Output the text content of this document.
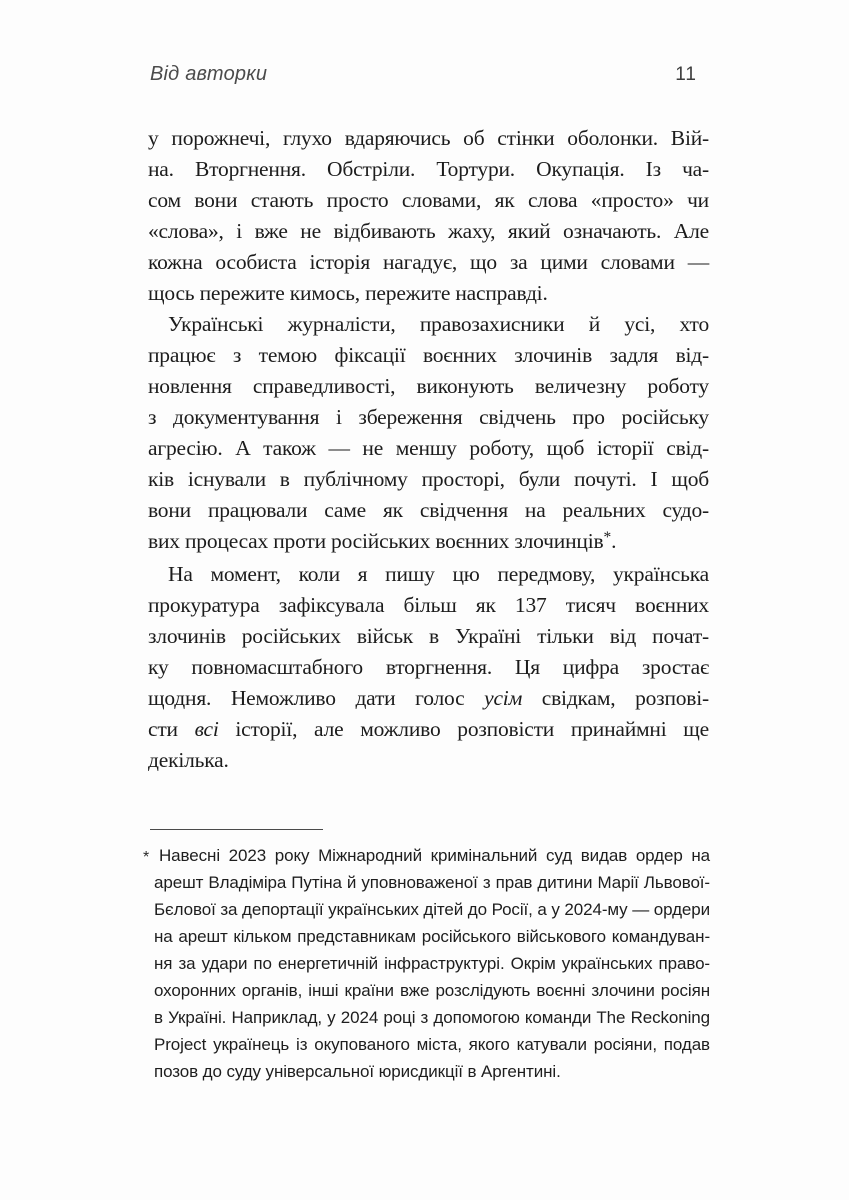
Від авторки	11
у порожнечі, глухо вдаряючись об стінки оболонки. Вій-
на. Вторгнення. Обстріли. Тортури. Окупація. Із ча-
сом вони стають просто словами, як слова «просто» чи
«слова», і вже не відбивають жаху, який означають. Але
кожна особиста історія нагадує, що за цими словами —
щось пережите кимось, пережите насправді.
Українські журналісти, правозахисники й усі, хто
працює з темою фіксації воєнних злочинів задля від-
новлення справедливості, виконують величезну роботу
з документування і збереження свідчень про російську
агресію. А також — не меншу роботу, щоб історії свід-
ків існували в публічному просторі, були почуті. І щоб
вони працювали саме як свідчення на реальних судо-
вих процесах проти російських воєнних злочинців*.
На момент, коли я пишу цю передмову, українська
прокуратура зафіксувала більш як 137 тисяч воєнних
злочинів російських військ в Україні тільки від почат-
ку повномасштабного вторгнення. Ця цифра зростає
щодня. Неможливо дати голос усім свідкам, розпові-
сти всі історії, але можливо розповісти принаймні ще
декілька.
* Навесні 2023 року Міжнародний кримінальний суд видав ордер на
арешт Владіміра Путіна й уповноваженої з прав дитини Марії Львової-
Бєлової за депортації українських дітей до Росії, а у 2024-му — ордери
на арешт кільком представникам російського військового командуван-
ня за удари по енергетичній інфраструктурі. Окрім українських право-
охоронних органів, інші країни вже розслідують воєнні злочини росіян
в Україні. Наприклад, у 2024 році з допомогою команди The Reckoning
Project українець із окупованого міста, якого катували росіяни, подав
позов до суду універсальної юрисдикції в Аргентині.
